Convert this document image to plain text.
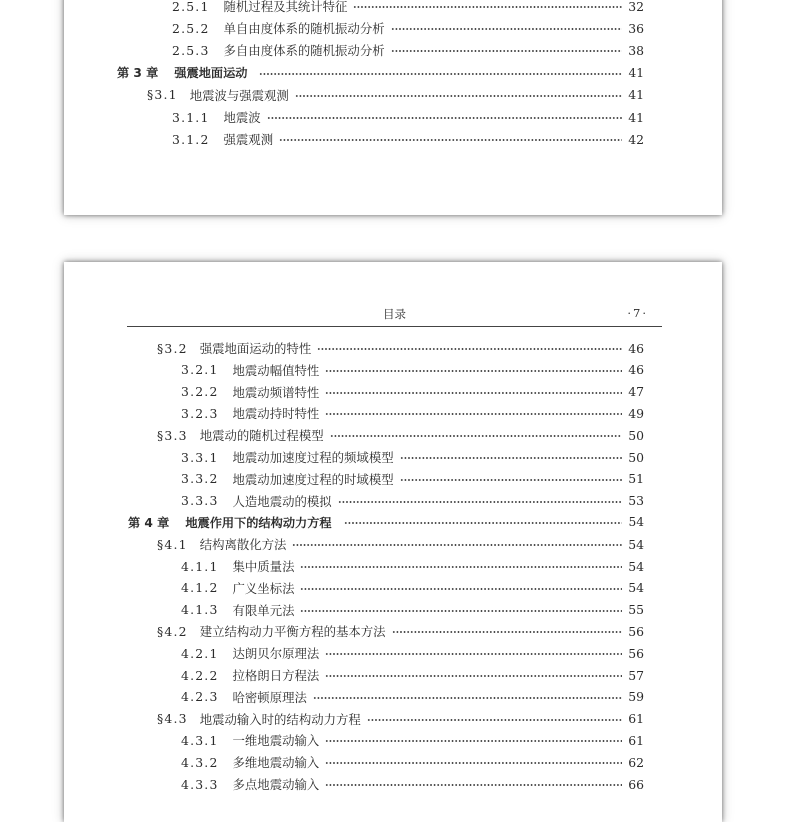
2.5.1 随机过程及其统计特征	32
2.5.2 单自由度体系的随机振动分析	36
2.5.3 多自由度体系的随机振动分析	38
第 3 章 强震地面运动	41
§3.1 地震波与强震观测	41
3.1.1 地震波	41
3.1.2 强震观测	42
目录	·7·
§3.2 强震地面运动的特性	46
3.2.1 地震动幅值特性	46
3.2.2 地震动频谱特性	47
3.2.3 地震动持时特性	49
§3.3 地震动的随机过程模型	50
3.3.1 地震动加速度过程的频域模型	50
3.3.2 地震动加速度过程的时域模型	51
3.3.3 人造地震动的模拟	53
第 4 章 地震作用下的结构动力方程	54
§4.1 结构离散化方法	54
4.1.1 集中质量法	54
4.1.2 广义坐标法	54
4.1.3 有限单元法	55
§4.2 建立结构动力平衡方程的基本方法	56
4.2.1 达朗贝尔原理法	56
4.2.2 拉格朗日方程法	57
4.2.3 哈密顿原理法	59
§4.3 地震动输入时的结构动力方程	61
4.3.1 一维地震动输入	61
4.3.2 多维地震动输入	62
4.3.3 多点地震动输入	66
